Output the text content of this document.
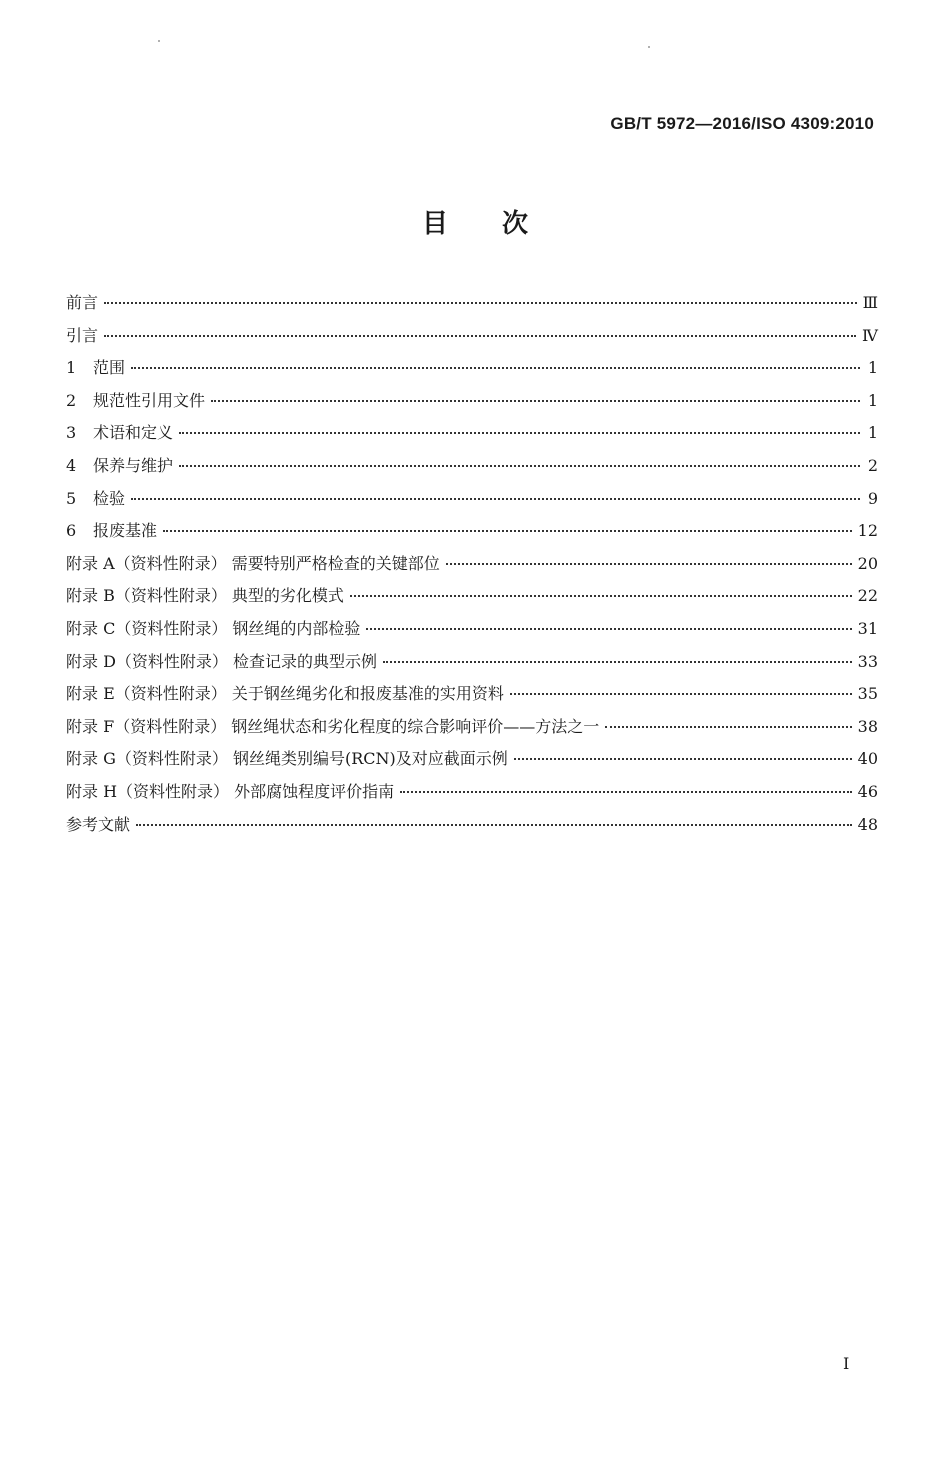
GB/T 5972—2016/ISO 4309:2010
目 次
前言	Ⅲ
引言	Ⅳ
1	范围	1
2	规范性引用文件	1
3	术语和定义	1
4	保养与维护	2
5	检验	9
6	报废基准	12
附录 A（资料性附录） 需要特别严格检查的关键部位	20
附录 B（资料性附录） 典型的劣化模式	22
附录 C（资料性附录） 钢丝绳的内部检验	31
附录 D（资料性附录） 检查记录的典型示例	33
附录 E（资料性附录） 关于钢丝绳劣化和报废基准的实用资料	35
附录 F（资料性附录） 钢丝绳状态和劣化程度的综合影响评价——方法之一	38
附录 G（资料性附录） 钢丝绳类别编号(RCN)及对应截面示例	40
附录 H（资料性附录） 外部腐蚀程度评价指南	46
参考文献	48
I
